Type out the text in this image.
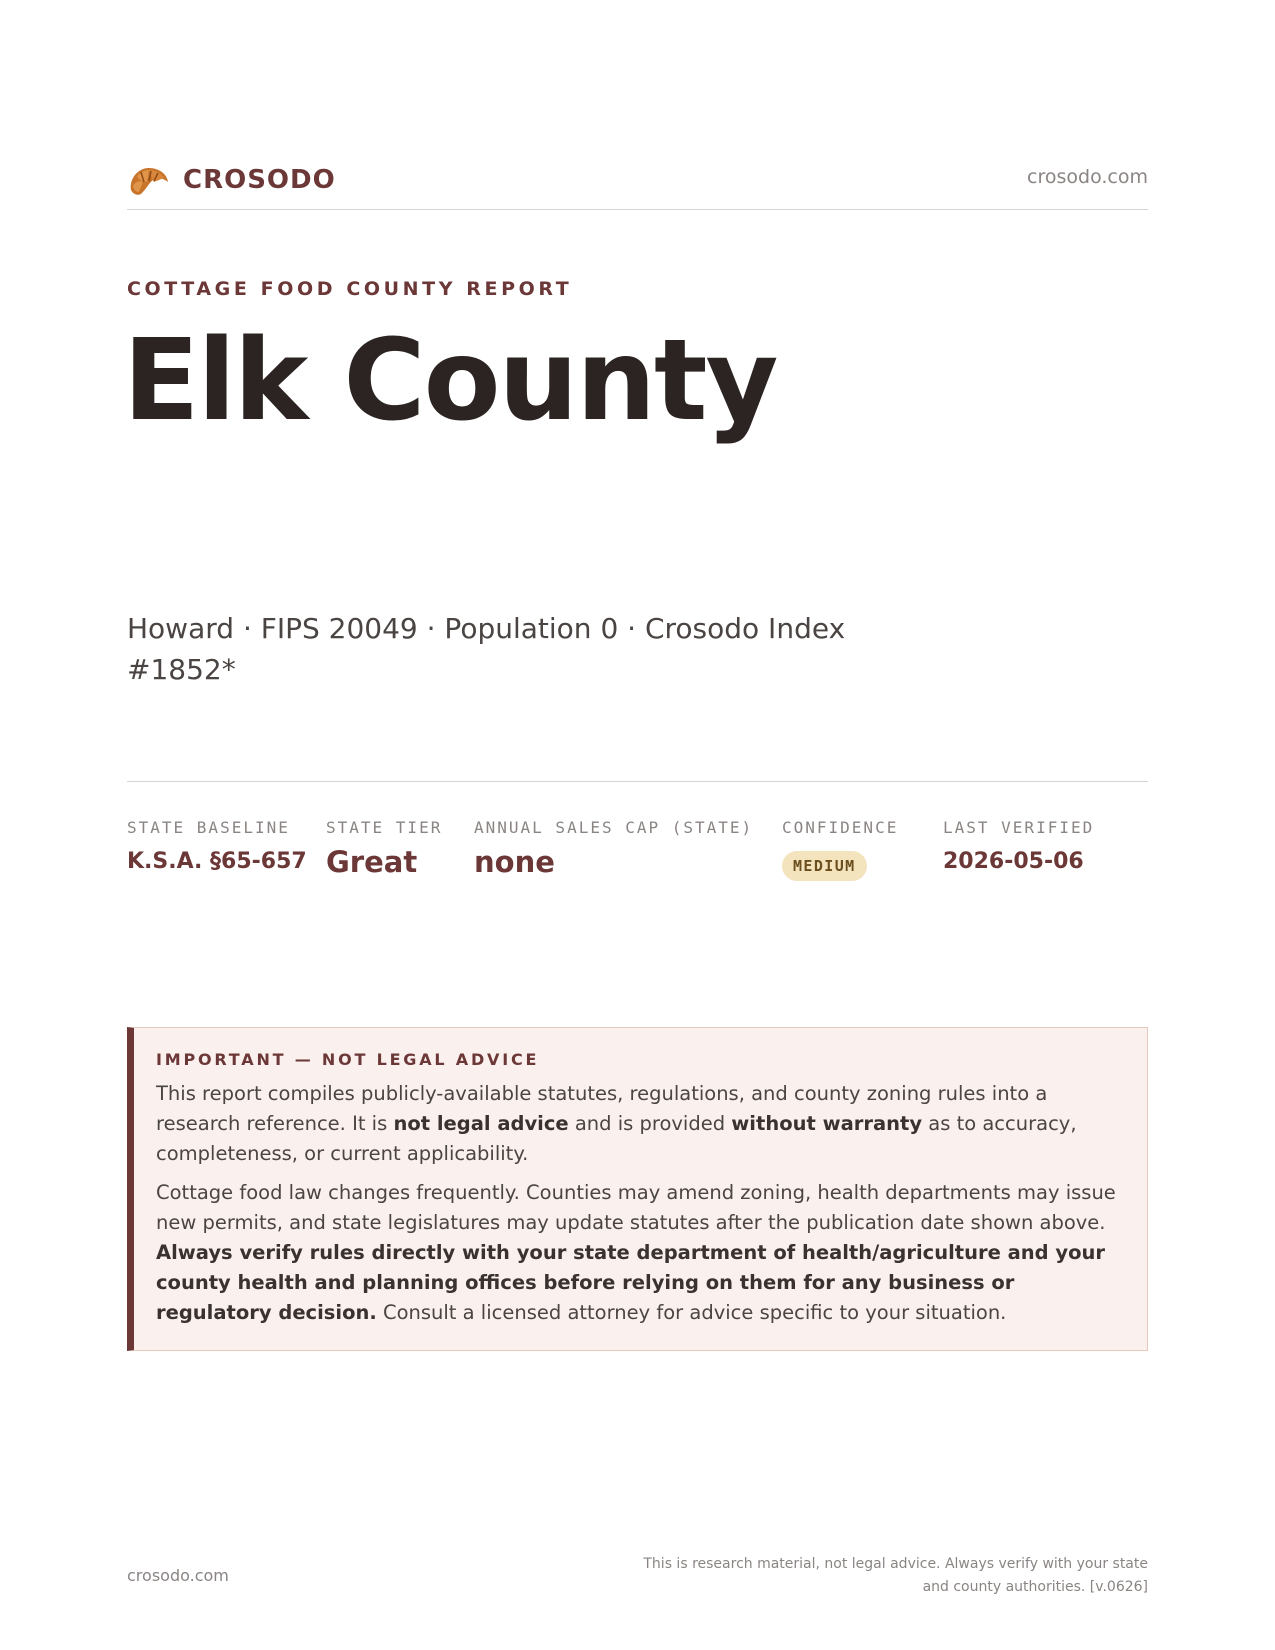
CROSODO	crosodo.com
COTTAGE FOOD COUNTY REPORT
Elk County
Howard · FIPS 20049 · Population 0 · Crosodo Index #1852*
STATE BASELINE
K.S.A. §65-657
STATE TIER
Great
ANNUAL SALES CAP (STATE)
none
CONFIDENCE
MEDIUM
LAST VERIFIED
2026-05-06
IMPORTANT — NOT LEGAL ADVICE

This report compiles publicly-available statutes, regulations, and county zoning rules into a research reference. It is not legal advice and is provided without warranty as to accuracy, completeness, or current applicability.

Cottage food law changes frequently. Counties may amend zoning, health departments may issue new permits, and state legislatures may update statutes after the publication date shown above. Always verify rules directly with your state department of health/agriculture and your county health and planning offices before relying on them for any business or regulatory decision. Consult a licensed attorney for advice specific to your situation.

crosodo.com
This is research material, not legal advice. Always verify with your state
and county authorities. [v.0626]
